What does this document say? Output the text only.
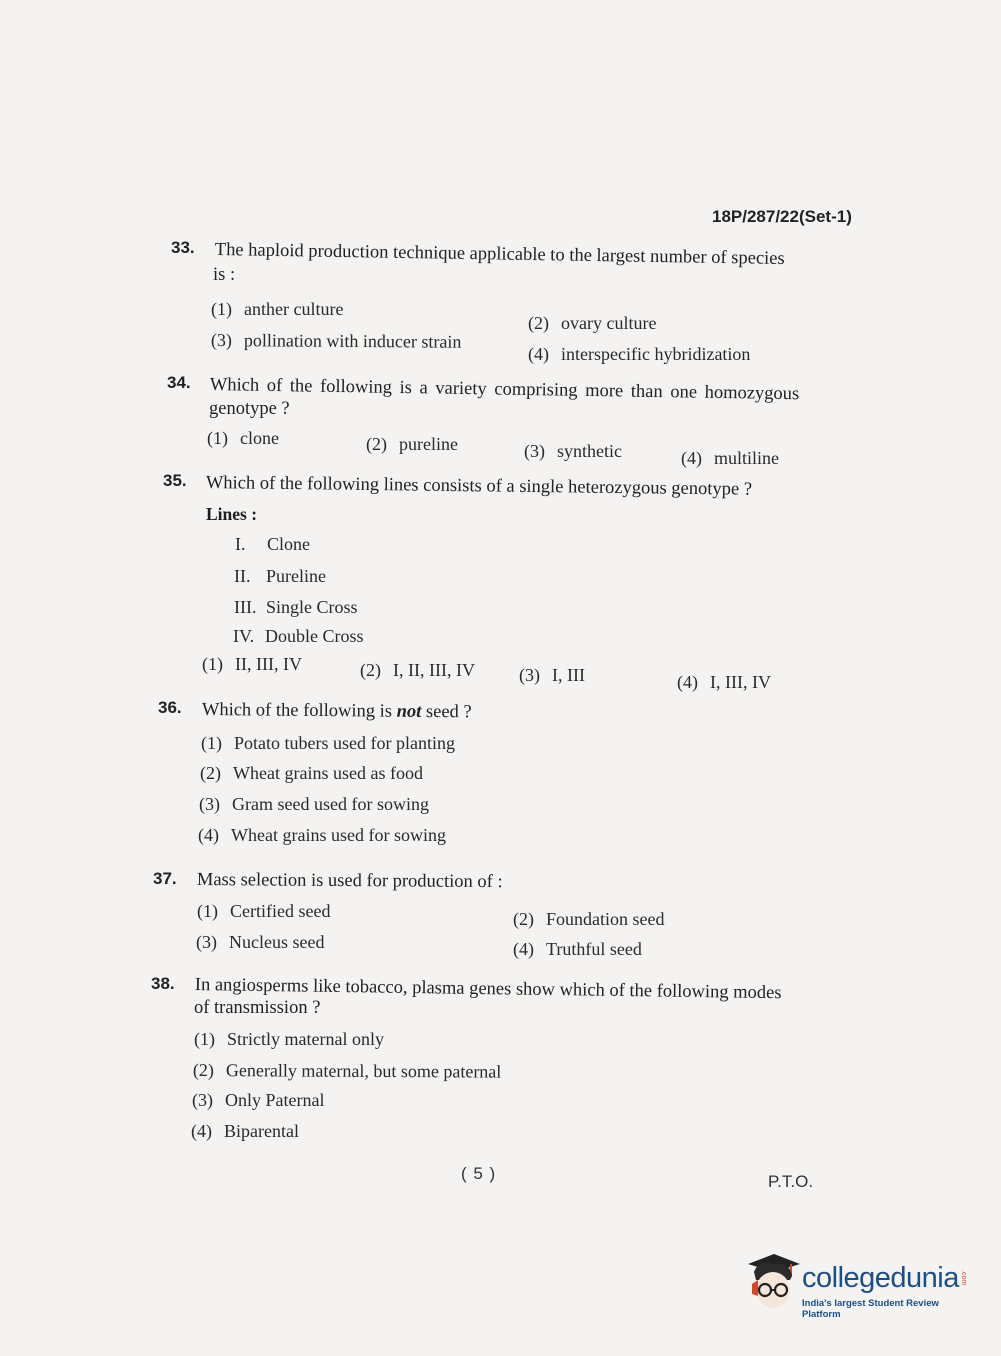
18P/287/22(Set-1)
33. The haploid production technique applicable to the largest number of species
is :
(1) anther culture
(2) ovary culture
(3) pollination with inducer strain
(4) interspecific hybridization
34. Which of the following is a variety comprising more than one homozygous
genotype ?
(1) clone	(2) pureline	(3) synthetic	(4) multiline
35. Which of the following lines consists of a single heterozygous genotype ?
Lines :
I. Clone
II. Pureline
III. Single Cross
IV. Double Cross
(1) II, III, IV	(2) I, II, III, IV (3) I, III	(4) I, III, IV
36. Which of the following is not seed ?
(1) Potato tubers used for planting
(2) Wheat grains used as food
(3) Gram seed used for sowing
(4) Wheat grains used for sowing
37. Mass selection is used for production of :
(1) Certified seed	(2) Foundation seed
(3) Nucleus seed	(4) Truthful seed
38. In angiosperms like tobacco, plasma genes show which of the following modes
of transmission ?
(1) Strictly maternal only
(2) Generally maternal, but some paternal
(3) Only Paternal
(4) Biparental
( 5 )	P.T.O.
collegedunia .com
India's largest Student Review Platform
